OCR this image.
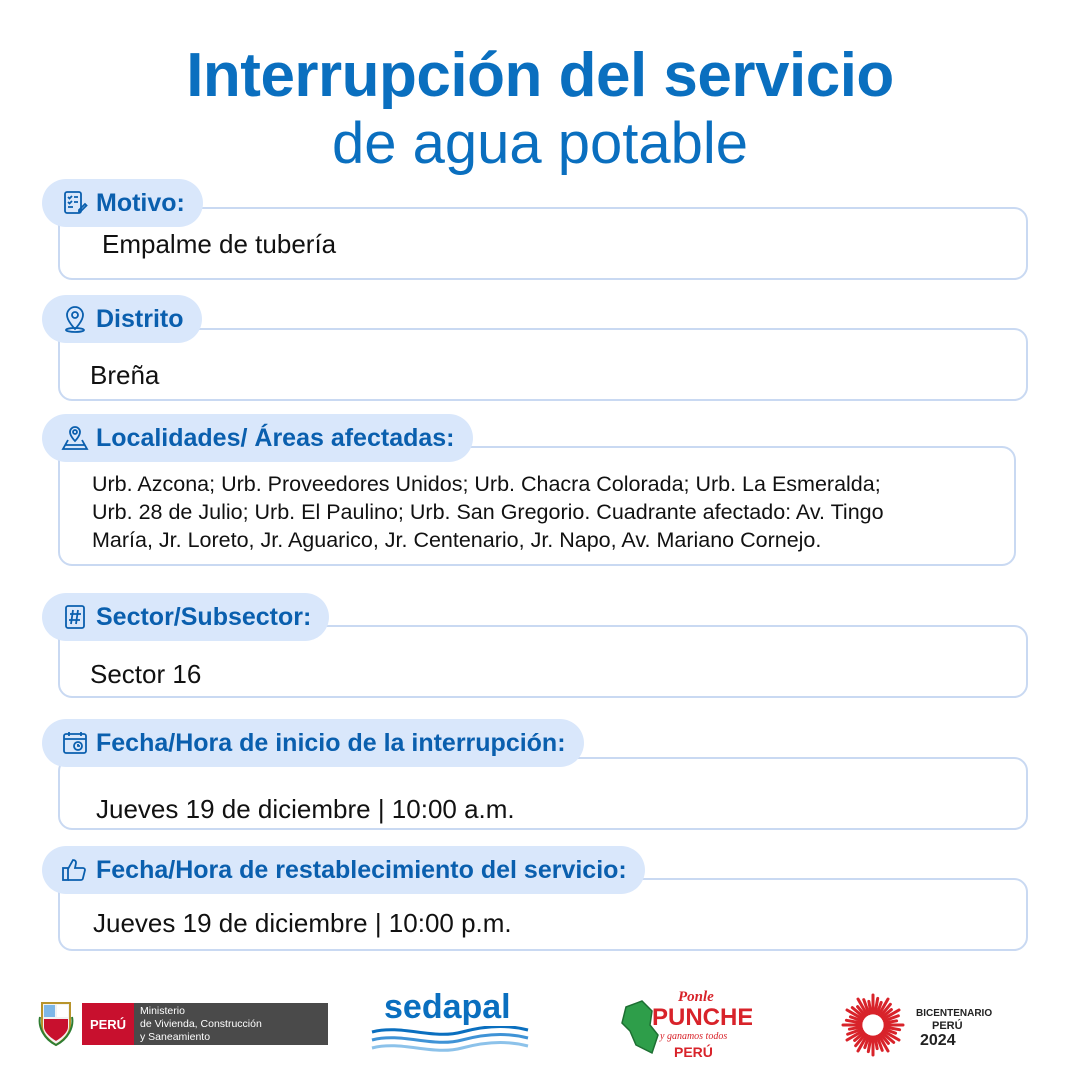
Interrupción del servicio
de agua potable
Empalme de tubería
Motivo:
Breña
Distrito
Urb. Azcona; Urb. Proveedores Unidos; Urb. Chacra Colorada; Urb. La Esmeralda;
Urb. 28 de Julio; Urb. El Paulino; Urb. San Gregorio. Cuadrante afectado: Av. Tingo
María, Jr. Loreto, Jr. Aguarico, Jr. Centenario, Jr. Napo, Av. Mariano Cornejo.
Localidades/ Áreas afectadas:
Sector 16
Sector/Subsector:
Jueves 19 de diciembre | 10:00 a.m.
Fecha/Hora de inicio de la interrupción:
Jueves 19 de diciembre | 10:00 p.m.
Fecha/Hora de restablecimiento del servicio:
PERÚ
Ministerio
de Vivienda, Construcción
y Saneamiento
sedapal	Ponle
PUNCHE
y ganamos todos
PERÚ
BICENTENARIO
PERÚ
2024
